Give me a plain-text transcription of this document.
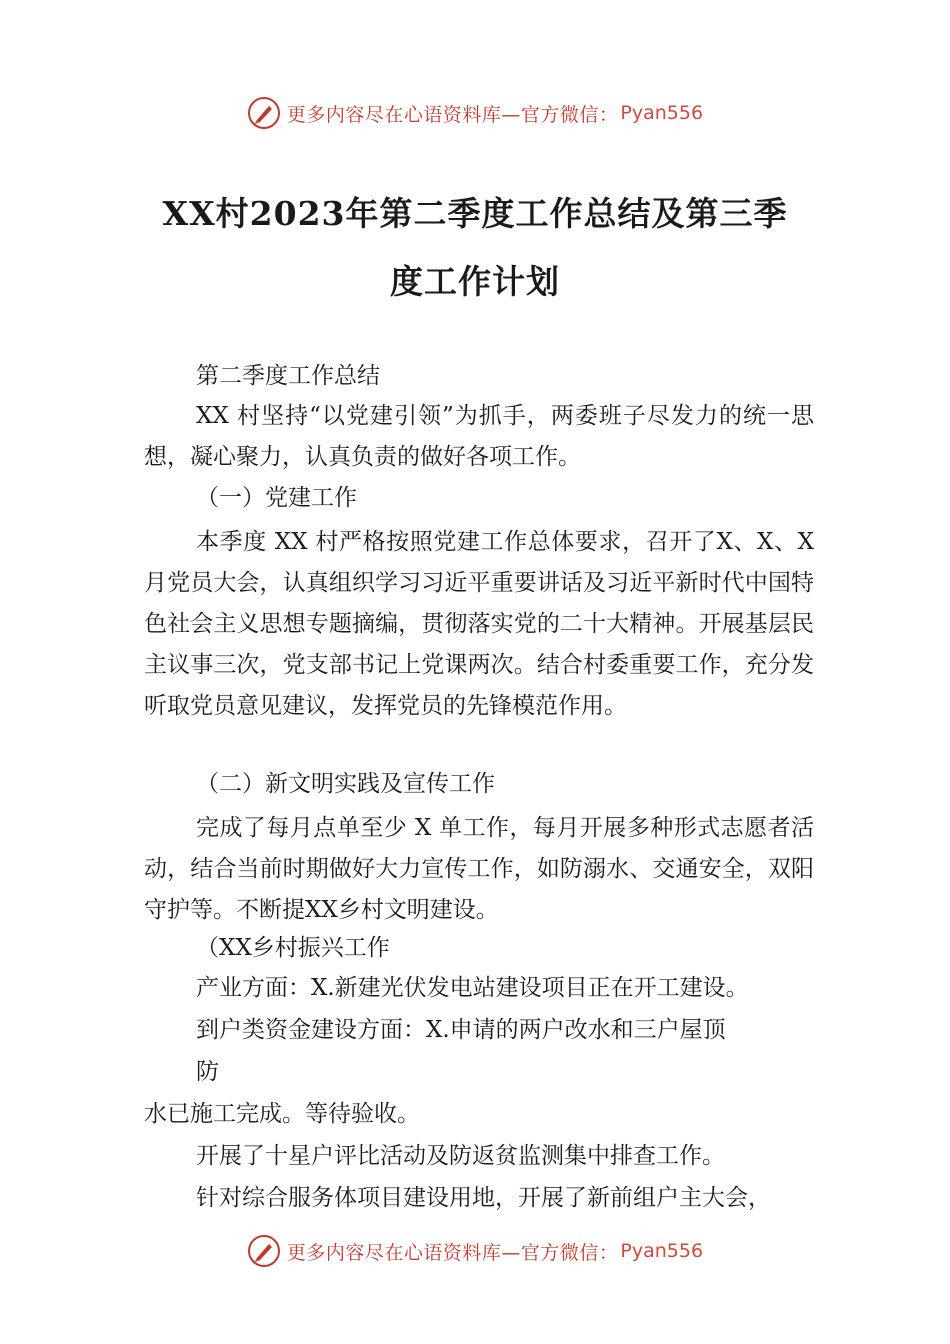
更多内容尽在心语资料库—官方微信： Pyan556
XX村2023年第二季度工作总结及第三季
度工作计划

第二季度工作总结

XX 村坚持“以党建引领”为抓手，两委班子尽发力的统一思想，凝心聚力，认真负责的做好各项工作。

（一）党建工作

本季度 XX 村严格按照党建工作总体要求，召开了X、X、X月党员大会，认真组织学习习近平重要讲话及习近平新时代中国特色社会主义思想专题摘编，贯彻落实党的二十大精神。开展基层民主议事三次，党支部书记上党课两次。结合村委重要工作，充分发听取党员意见建议，发挥党员的先锋模范作用。

（二）新文明实践及宣传工作

完成了每月点单至少 X 单工作，每月开展多种形式志愿者活动，结合当前时期做好大力宣传工作，如防溺水、交通安全，双阳守护等。不断提XX乡村文明建设。

（XX乡村振兴工作

产业方面：X.新建光伏发电站建设项目正在开工建设。

到户类资金建设方面：X.申请的两户改水和三户屋顶

防

水已施工完成。等待验收。

开展了十星户评比活动及防返贫监测集中排查工作。

针对综合服务体项目建设用地，开展了新前组户主大会，

更多内容尽在心语资料库—官方微信： Pyan556
